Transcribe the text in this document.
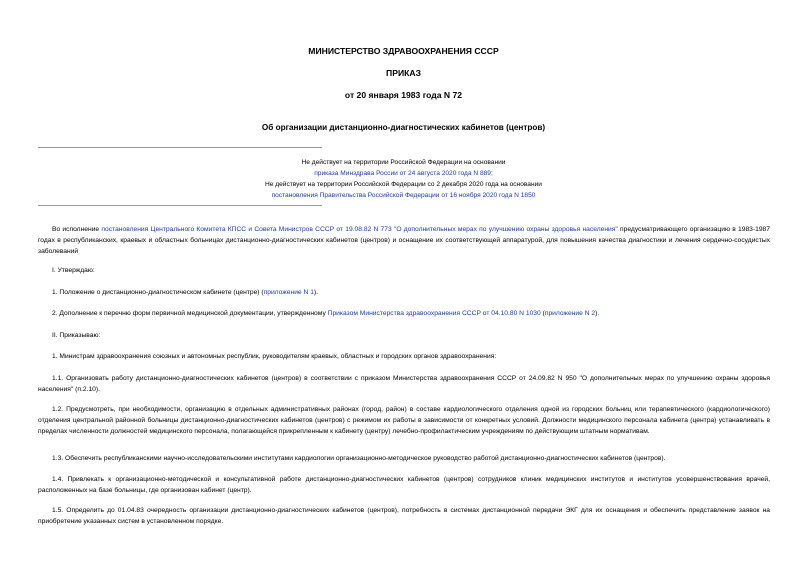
МИНИСТЕРСТВО ЗДРАВООХРАНЕНИЯ СССР
ПРИКАЗ
от 20 января 1983 года N 72
Об организации дистанционно-диагностических кабинетов (центров)
Не действует на территории Российской Федерации на основании
приказа Минздрава России от 24 августа 2020 года N 889;
Не действует на территории Российской Федерации со 2 декабря 2020 года на основании
постановления Правительства Российской Федерации от 16 ноября 2020 года N 1850
Во исполнение постановления Центрального Комитета КПСС и Совета Министров СССР от 19.08.82 N 773 "О дополнительных мерах по улучшению охраны здоровья населения" предусматривающего организацию в 1983-1987 годах в республиканских, краевых и областных больницах дистанционно-диагностических кабинетов (центров) и оснащение их соответствующей аппаратурой, для повышения качества диагностики и лечения сердечно-сосудистых заболеваний
I. Утверждаю:
1. Положение о дистанционно-диагностическом кабинете (центре) (приложение N 1).
2. Дополнение к перечню форм первичной медицинской документации, утвержденному Приказом Министерства здравоохранения СССР от 04.10.80 N 1030 (приложение N 2).
II. Приказываю:
1. Министрам здравоохранения союзных и автономных республик, руководителям краевых, областных и городских органов здравоохранения:
1.1. Организовать работу дистанционно-диагностических кабинетов (центров) в соответствии с приказом Министерства здравоохранения СССР от 24.09.82 N 950 "О дополнительных мерах по улучшению охраны здоровья населения" (п.2.10).
1.2. Предусмотреть, при необходимости, организацию в отдельных административных районах (город, район) в составе кардиологического отделения одной из городских больниц или терапевтического (кардиологического) отделения центральной районной больницы дистанционно-диагностических кабинетов (центров) с режимом их работы в зависимости от конкретных условий. Должности медицинского персонала кабинета (центра) устанавливать в пределах численности должностей медицинского персонала, полагающейся прикрепленным к кабинету (центру) лечебно-профилактическим учреждениям по действующим штатным нормативам.
1.3. Обеспечить республиканскими научно-исследовательскими институтами кардиологии организационно-методическое руководство работой дистанционно-диагностических кабинетов (центров).
1.4. Привлекать к организационно-методической и консультативной работе дистанционно-диагностических кабинетов (центров) сотрудников клиник медицинских институтов и институтов усовершенствования врачей, расположенных на базе больницы, где организован кабинет (центр).
1.5. Определить до 01.04.83 очередность организации дистанционно-диагностических кабинетов (центров), потребность в системах дистанционной передачи ЭКГ для их оснащения и обеспечить представление заявок на приобретение указанных систем в установленном порядке.
